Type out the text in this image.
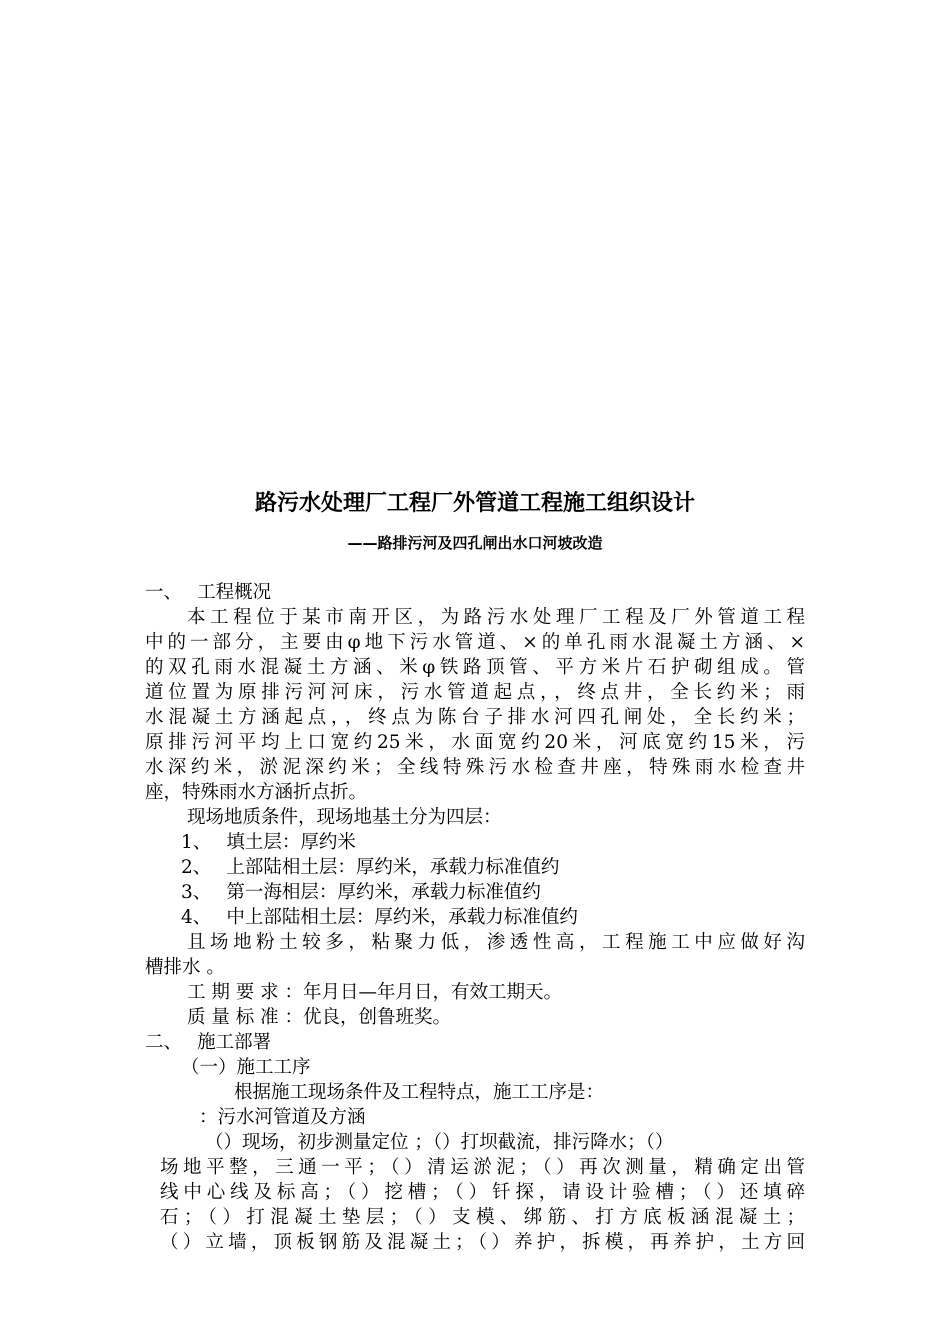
路污水处理厂工程厂外管道工程施工组织设计
——路排污河及四孔闸出水口河坡改造
一、　 工程概况
本工程位于某市南开区，为路污水处理厂工程及厂外管道工程
中的一部分，主要由φ地下污水管道、×的单孔雨水混凝土方涵、×
的双孔雨水混凝土方涵、米φ铁路顶管、平方米片石护砌组成。管
道位置为原排污河河床，污水管道起点，，终点井，全长约米；雨
水混凝土方涵起点，，终点为陈台子排水河四孔闸处，全长约米；
原排污河平均上口宽约25米，水面宽约20米，河底宽约15米，污
水深约米，淤泥深约米；全线特殊污水检查井座，特殊雨水检查井
座，特殊雨水方涵折点折。
现场地质条件，现场地基土分为四层：
1、　 填土层：厚约米
2、　 上部陆相土层：厚约米，承载力标准值约
3、　 第一海相层：厚约米，承载力标准值约
4、　 中上部陆相土层：厚约米，承载力标准值约
且场地粉土较多，粘聚力低，渗透性高，工程施工中应做好沟
槽排水 。
工 期 要 求 ：年月日—年月日，有效工期天。
质 量 标 准 ：优良，创鲁班奖。
二、　 施工部署
（一）施工工序
根据施工现场条件及工程特点，施工工序是：
：污水河管道及方涵
（）现场，初步测量定位 ；（）打坝截流，排污降水；（）
场地平整，三通一平；（）清运淤泥；（）再次测量，精确定出管
线中心线及标高；（）挖槽；（）钎探，请设计验槽；（）还填碎
石；（）打混凝土垫层；（）支模、绑筋、打方底板涵混凝土；
（）立墙，顶板钢筋及混凝土；（）养护，拆模，再养护，土方回
